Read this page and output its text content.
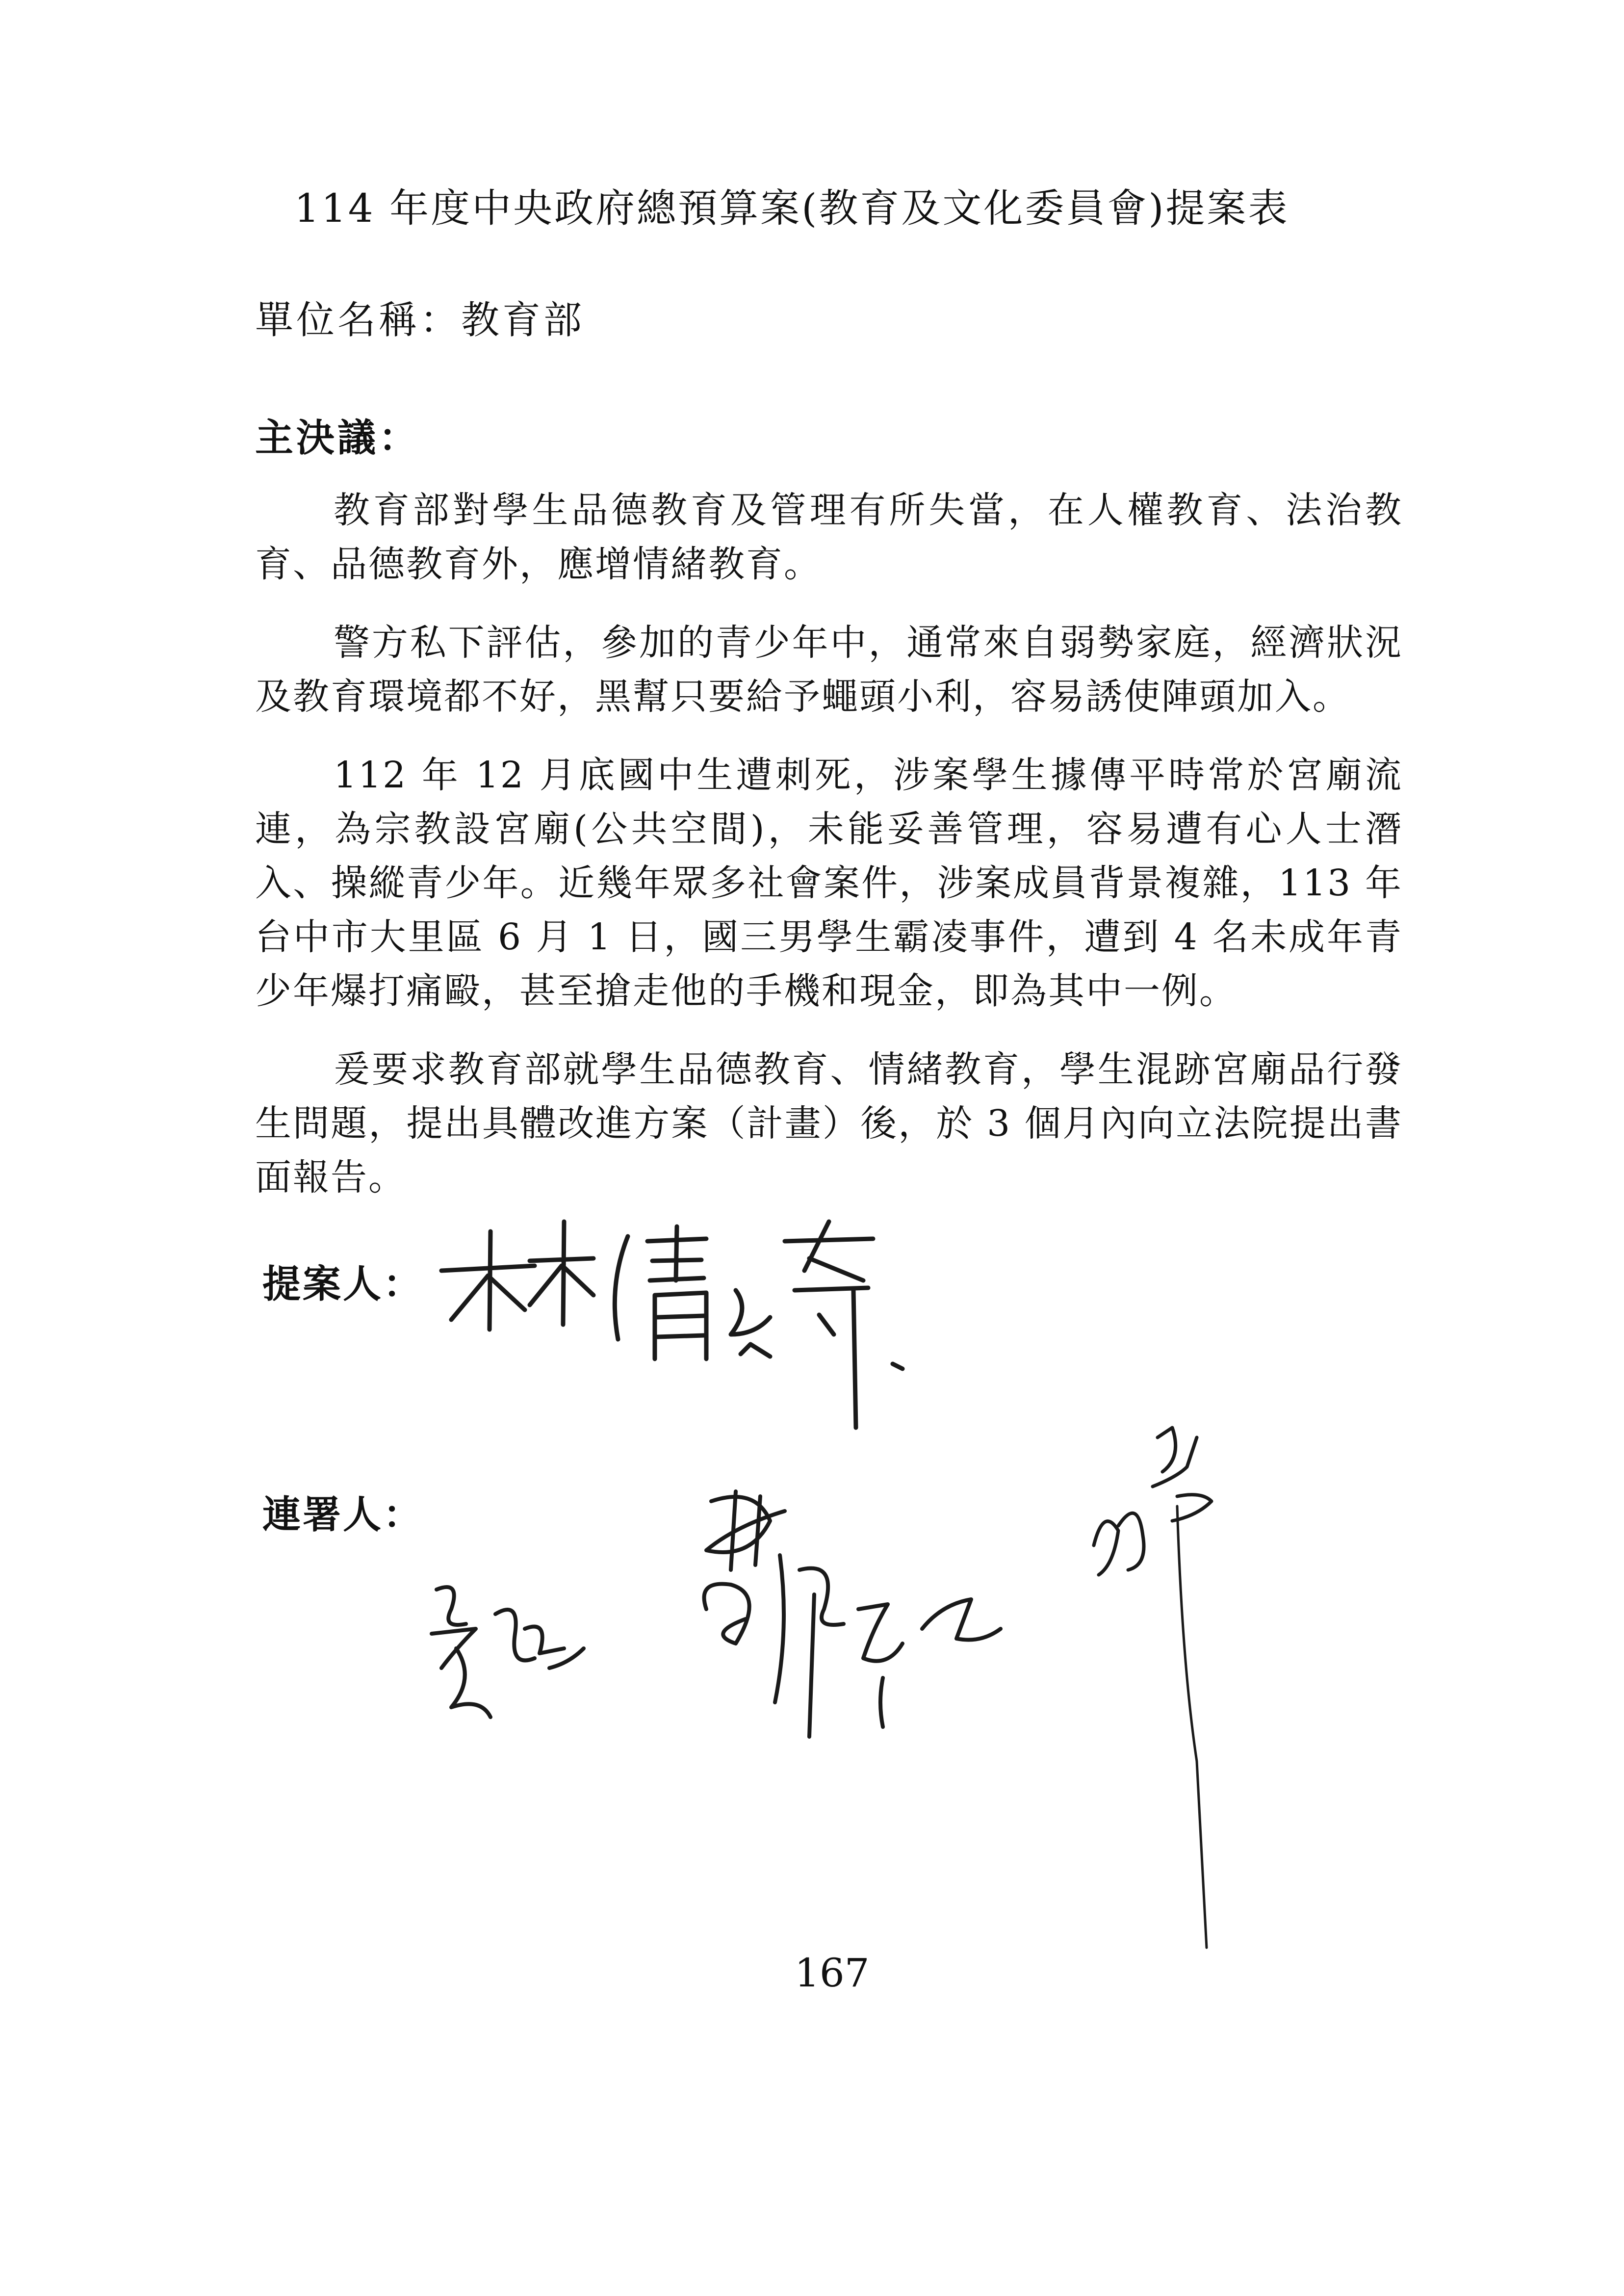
114 年度中央政府總預算案(教育及文化委員會)提案表
單位名稱：教育部
主決議：

教育部對學生品德教育及管理有所失當，在人權教育、法治教育、品德教育外，應增情緒教育。

警方私下評估，參加的青少年中，通常來自弱勢家庭，經濟狀況及教育環境都不好，黑幫只要給予蠅頭小利，容易誘使陣頭加入。

112 年 12 月底國中生遭刺死，涉案學生據傳平時常於宮廟流連，為宗教設宮廟(公共空間)，未能妥善管理，容易遭有心人士潛入、操縱青少年。近幾年眾多社會案件，涉案成員背景複雜，113 年台中市大里區 6 月 1 日，國三男學生霸凌事件，遭到 4 名未成年青少年爆打痛毆，甚至搶走他的手機和現金，即為其中一例。

爰要求教育部就學生品德教育、情緒教育，學生混跡宮廟品行發生問題，提出具體改進方案（計畫）後，於 3 個月內向立法院提出書面報告。

提案人：
連署人：
167
